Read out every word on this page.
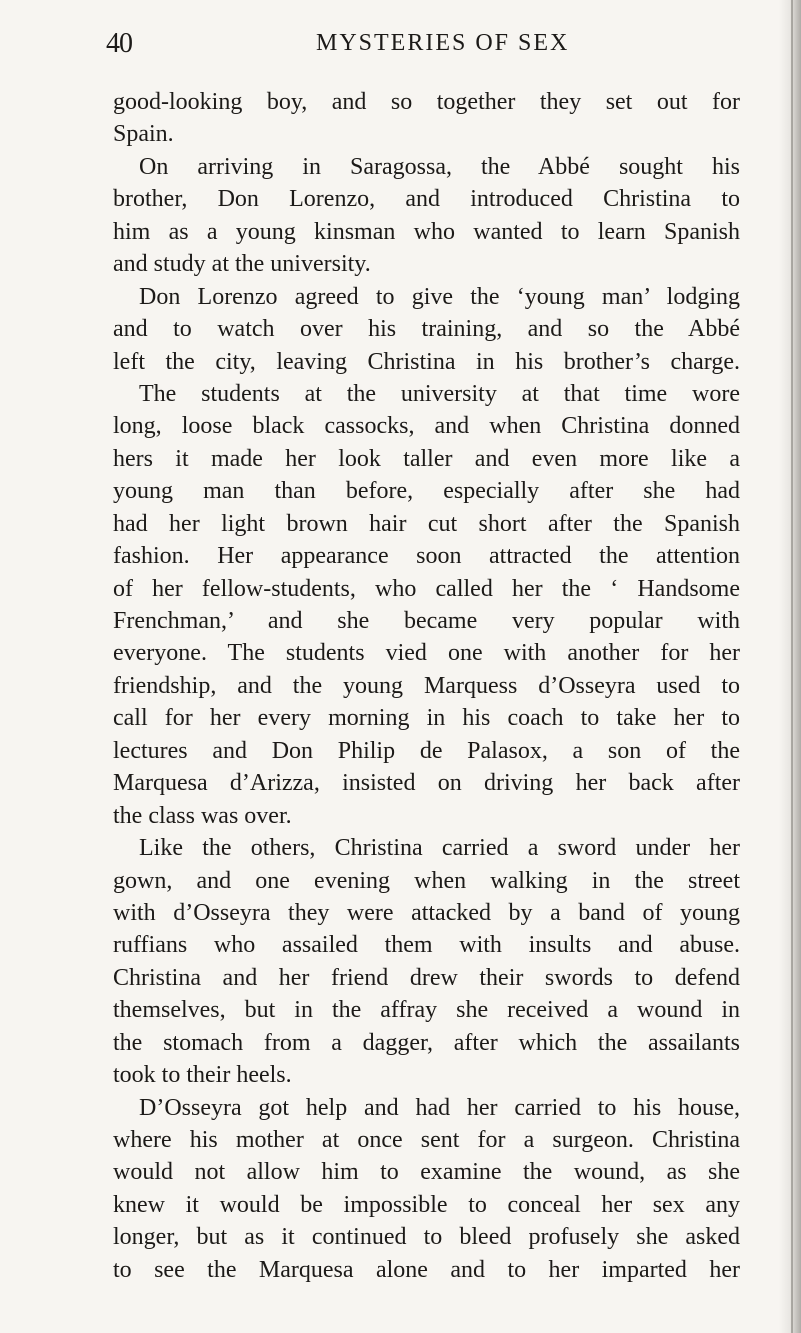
40	MYSTERIES OF SEX
good-looking boy, and so together they set out for
Spain.
On arriving in Saragossa, the Abbé sought his
brother, Don Lorenzo, and introduced Christina to
him as a young kinsman who wanted to learn Spanish
and study at the university.
Don Lorenzo agreed to give the ‘young man’ lodging
and to watch over his training, and so the Abbé
left the city, leaving Christina in his brother’s charge.
The students at the university at that time wore
long, loose black cassocks, and when Christina donned
hers it made her look taller and even more like a
young man than before, especially after she had
had her light brown hair cut short after the Spanish
fashion. Her appearance soon attracted the attention
of her fellow-students, who called her the ‘ Handsome
Frenchman,’ and she became very popular with
everyone. The students vied one with another for her
friendship, and the young Marquess d’Osseyra used to
call for her every morning in his coach to take her to
lectures and Don Philip de Palasox, a son of the
Marquesa d’Arizza, insisted on driving her back after
the class was over.
Like the others, Christina carried a sword under her
gown, and one evening when walking in the street
with d’Osseyra they were attacked by a band of young
ruffians who assailed them with insults and abuse.
Christina and her friend drew their swords to defend
themselves, but in the affray she received a wound in
the stomach from a dagger, after which the assailants
took to their heels.
D’Osseyra got help and had her carried to his house,
where his mother at once sent for a surgeon. Christina
would not allow him to examine the wound, as she
knew it would be impossible to conceal her sex any
longer, but as it continued to bleed profusely she asked
to see the Marquesa alone and to her imparted her
